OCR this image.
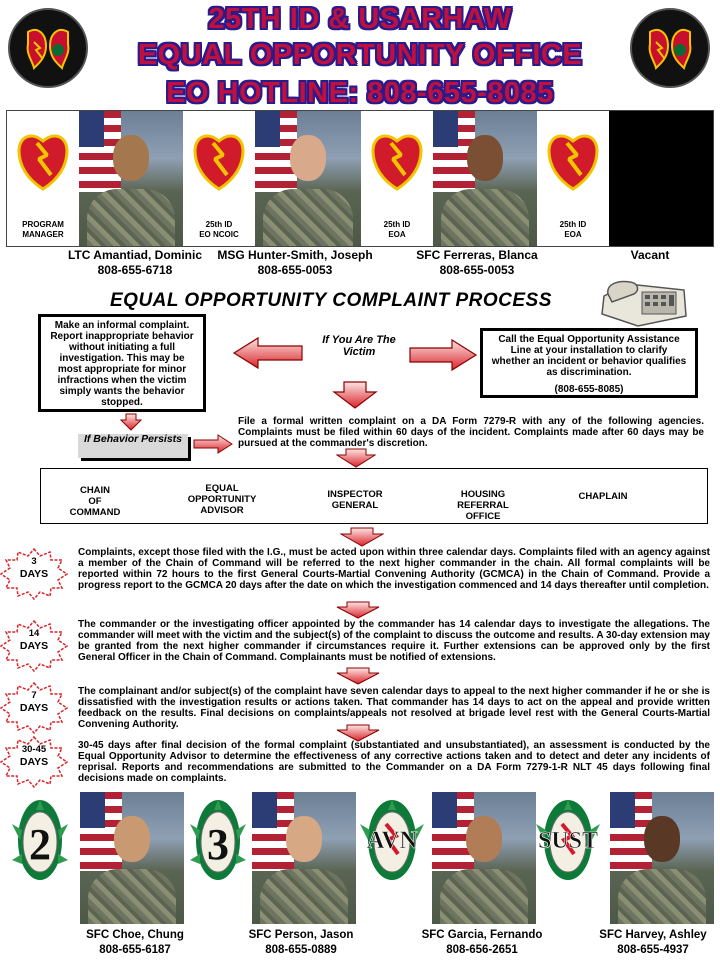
25TH ID & USARHAW
EQUAL OPPORTUNITY OFFICE
EO HOTLINE: 808-655-8085
PROGRAM
MANAGER
25th ID
EO NCOIC
25th ID
EOA
25th ID
EOA
LTC Amantiad, Dominic
808-655-6718
MSG Hunter-Smith, Joseph
808-655-0053
SFC Ferreras, Blanca
808-655-0053
Vacant
EQUAL OPPORTUNITY COMPLAINT PROCESS
Make an informal complaint. Report inappropriate behavior without initiating a full investigation. This may be most appropriate for minor infractions when the victim simply wants the behavior stopped.
If You Are The Victim
Call the Equal Opportunity Assistance Line at your installation to clarify whether an incident or behavior qualifies as discrimination.
(808-655-8085)
File a formal written complaint on a DA Form 7279-R with any of the following agencies. Complaints must be filed within 60 days of the incident. Complaints made after 60 days may be pursued at the commander's discretion.
If Behavior Persists
CHAIN
OF
COMMAND
EQUAL
OPPORTUNITY
ADVISOR
INSPECTOR
GENERAL
HOUSING
REFERRAL
OFFICE
CHAPLAIN
3
DAYS
Complaints, except those filed with the I.G., must be acted upon within three calendar days. Complaints filed with an agency against a member of the Chain of Command will be referred to the next higher commander in the chain. All formal complaints will be reported within 72 hours to the first General Courts-Martial Convening Authority (GCMCA) in the Chain of Command. Provide a progress report to the GCMCA 20 days after the date on which the investigation commenced and 14 days thereafter until completion.
14
DAYS
The commander or the investigating officer appointed by the commander has 14 calendar days to investigate the allegations. The commander will meet with the victim and the subject(s) of the complaint to discuss the outcome and results. A 30-day extension may be granted from the next higher commander if circumstances require it. Further extensions can be approved only by the first General Officer in the Chain of Command. Complainants must be notified of extensions.
7
DAYS
The complainant and/or subject(s) of the complaint have seven calendar days to appeal to the next higher commander if he or she is dissatisfied with the investigation results or actions taken. That commander has 14 days to act on the appeal and provide written feedback on the results. Final decisions on complaints/appeals not resolved at brigade level rest with the General Courts-Martial Convening Authority.
30-45
DAYS
30-45 days after final decision of the formal complaint (substantiated and unsubstantiated), an assessment is conducted by the Equal Opportunity Advisor to determine the effectiveness of any corrective actions taken and to detect and deter any incidents of reprisal. Reports and recommendations are submitted to the Commander on a DA Form 7279-1-R NLT 45 days following final decisions made on complaints.
2	3	AVN	SUST
SFC Choe, Chung
808-655-6187
SFC Person, Jason
808-655-0889
SFC Garcia, Fernando
808-656-2651
SFC Harvey, Ashley
808-655-4937
